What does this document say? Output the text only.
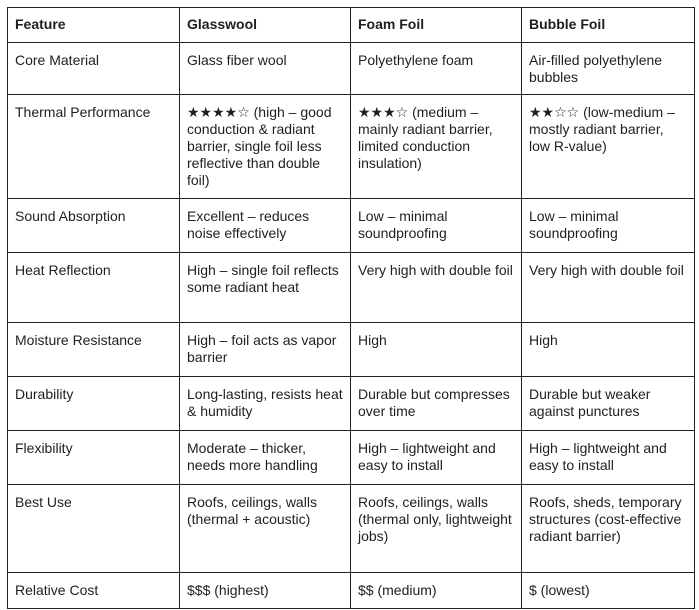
Feature	Glasswool	Foam Foil	Bubble Foil
Core Material	Glass fiber wool	Polyethylene foam	Air-filled polyethylene bubbles
Thermal Performance	★★★★☆ (high – good conduction & radiant barrier, single foil less reflective than double foil)	★★★☆ (medium – mainly radiant barrier, limited conduction insulation)	★★☆☆ (low-medium – mostly radiant barrier, low R-value)
Sound Absorption	Excellent – reduces noise effectively	Low – minimal soundproofing	Low – minimal soundproofing
Heat Reflection	High – single foil reflects some radiant heat	Very high with double foil	Very high with double foil
Moisture Resistance	High – foil acts as vapor barrier	High	High
Durability	Long-lasting, resists heat & humidity	Durable but compresses over time	Durable but weaker against punctures
Flexibility	Moderate – thicker, needs more handling	High – lightweight and easy to install	High – lightweight and easy to install
Best Use	Roofs, ceilings, walls (thermal + acoustic)	Roofs, ceilings, walls (thermal only, lightweight jobs)	Roofs, sheds, temporary structures (cost-effective radiant barrier)
Relative Cost	$$$ (highest)	$$ (medium)	$ (lowest)
